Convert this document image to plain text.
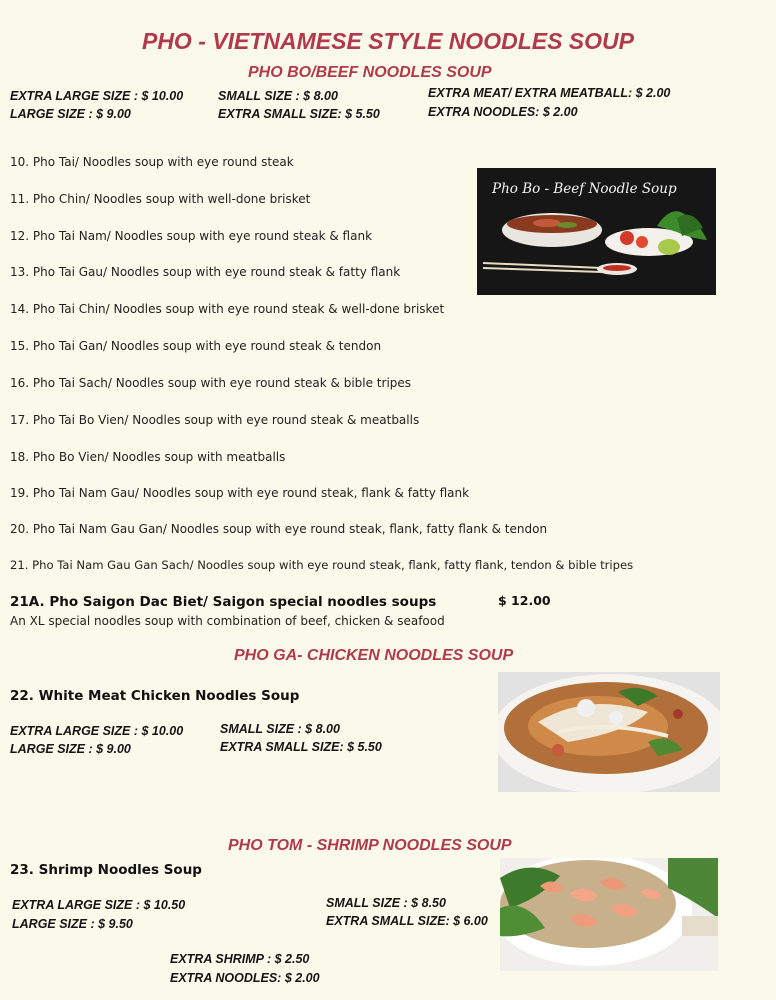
PHO - VIETNAMESE STYLE NOODLES SOUP
PHO BO/BEEF NOODLES SOUP
EXTRA LARGE SIZE : $ 10.00
LARGE SIZE : $ 9.00
SMALL SIZE : $ 8.00
EXTRA SMALL SIZE: $ 5.50
EXTRA MEAT/ EXTRA MEATBALL: $ 2.00
EXTRA NOODLES: $ 2.00
10. Pho Tai/ Noodles soup with eye round steak
11. Pho Chin/ Noodles soup with well-done brisket
12. Pho Tai Nam/ Noodles soup with eye round steak & flank
13. Pho Tai Gau/ Noodles soup with eye round steak & fatty flank
14. Pho Tai Chin/ Noodles soup with eye round steak & well-done brisket
15. Pho Tai Gan/ Noodles soup with eye round steak & tendon
16. Pho Tai Sach/ Noodles soup with eye round steak & bible tripes
17. Pho Tai Bo Vien/ Noodles soup with eye round steak & meatballs
18. Pho Bo Vien/ Noodles soup with meatballs
19. Pho Tai Nam Gau/ Noodles soup with eye round steak, flank & fatty flank
20. Pho Tai Nam Gau Gan/ Noodles soup with eye round steak, flank, fatty flank & tendon
21. Pho Tai Nam Gau Gan Sach/ Noodles soup with eye round steak, flank, fatty flank, tendon & bible tripes
21A. Pho Saigon Dac Biet/ Saigon special noodles soups	$ 12.00
An XL special noodles soup with combination of beef, chicken & seafood
Pho Bo - Beef Noodle Soup
PHO GA- CHICKEN NOODLES SOUP
22. White Meat Chicken Noodles Soup
EXTRA LARGE SIZE : $ 10.00
LARGE SIZE : $ 9.00
SMALL SIZE : $ 8.00
EXTRA SMALL SIZE: $ 5.50
PHO TOM - SHRIMP NOODLES SOUP
23. Shrimp Noodles Soup
EXTRA LARGE SIZE : $ 10.50
LARGE SIZE : $ 9.50
SMALL SIZE : $ 8.50
EXTRA SMALL SIZE: $ 6.00
EXTRA SHRIMP : $ 2.50
EXTRA NOODLES: $ 2.00
